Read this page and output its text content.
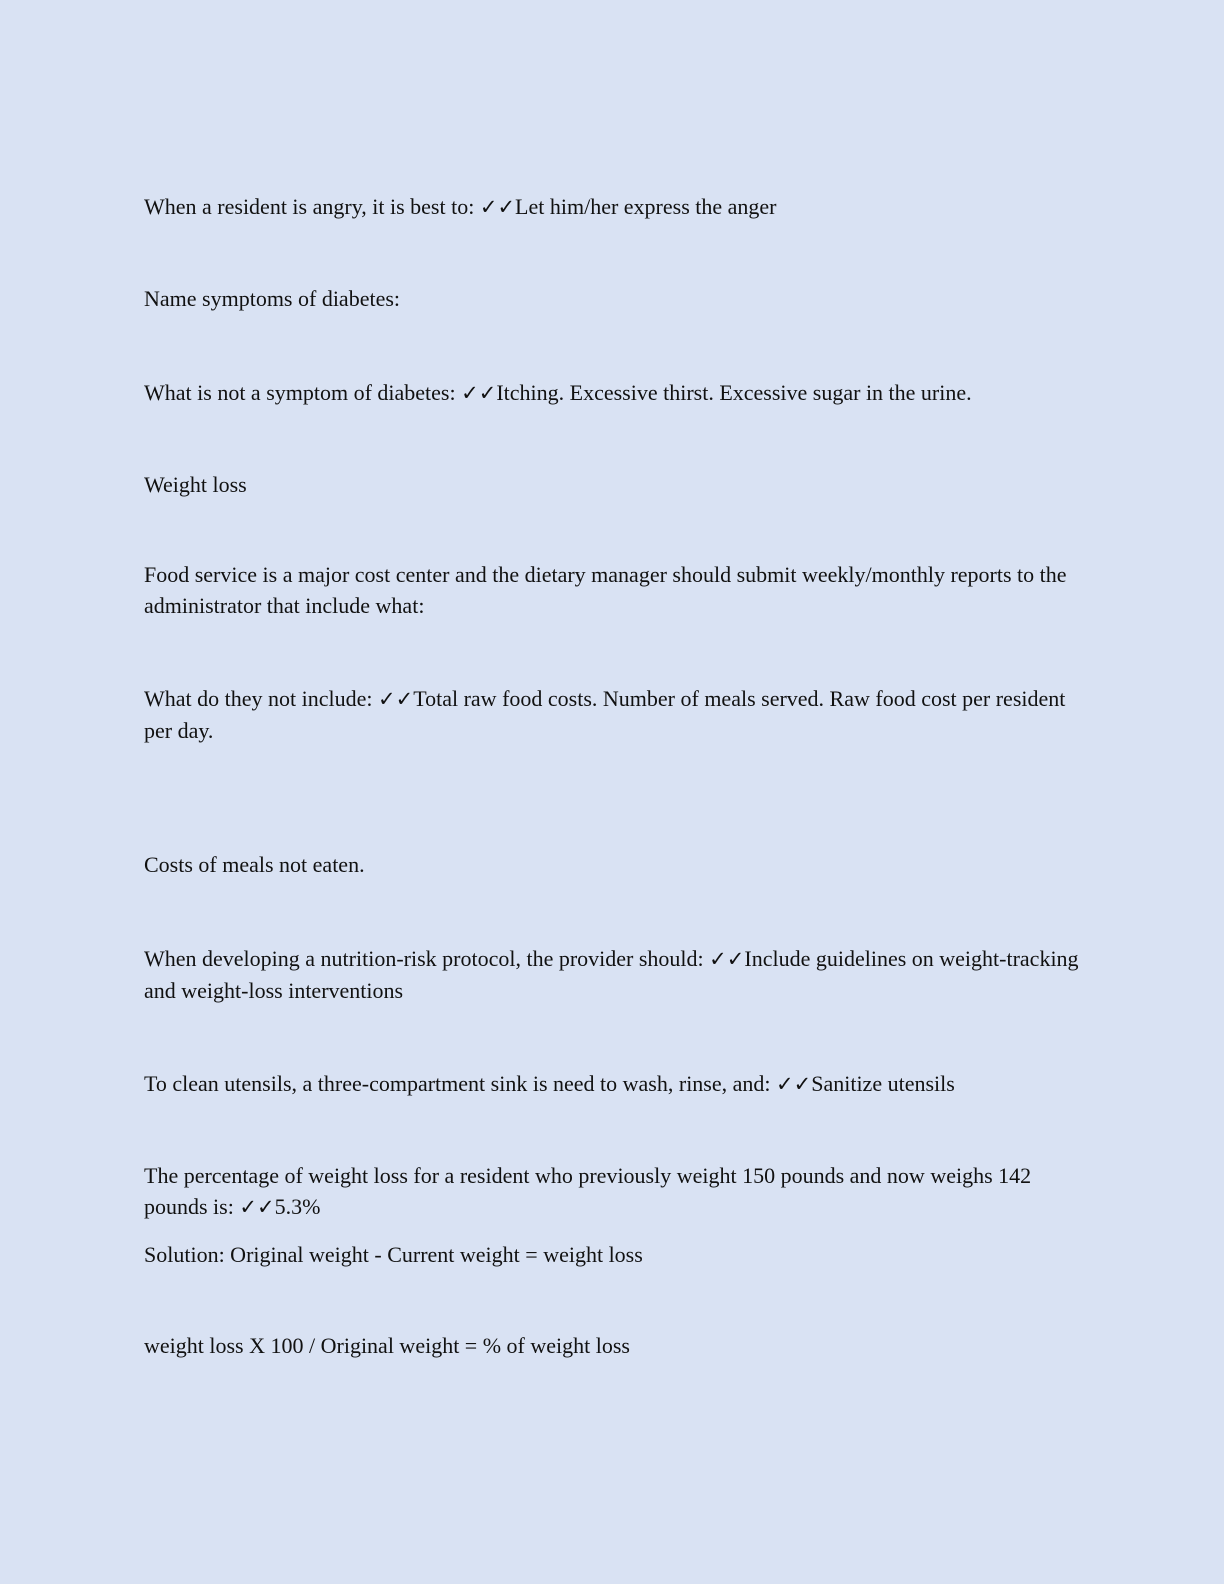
When a resident is angry, it is best to: ✓✓Let him/her express the anger

Name symptoms of diabetes:

What is not a symptom of diabetes: ✓✓Itching. Excessive thirst. Excessive sugar in the urine.

Weight loss

Food service is a major cost center and the dietary manager should submit weekly/monthly reports to the administrator that include what:

What do they not include: ✓✓Total raw food costs. Number of meals served. Raw food cost per resident per day.

Costs of meals not eaten.

When developing a nutrition-risk protocol, the provider should: ✓✓Include guidelines on weight-tracking and weight-loss interventions

To clean utensils, a three-compartment sink is need to wash, rinse, and: ✓✓Sanitize utensils

The percentage of weight loss for a resident who previously weight 150 pounds and now weighs 142 pounds is: ✓✓5.3%

Solution: Original weight - Current weight = weight loss

weight loss X 100 / Original weight = % of weight loss
